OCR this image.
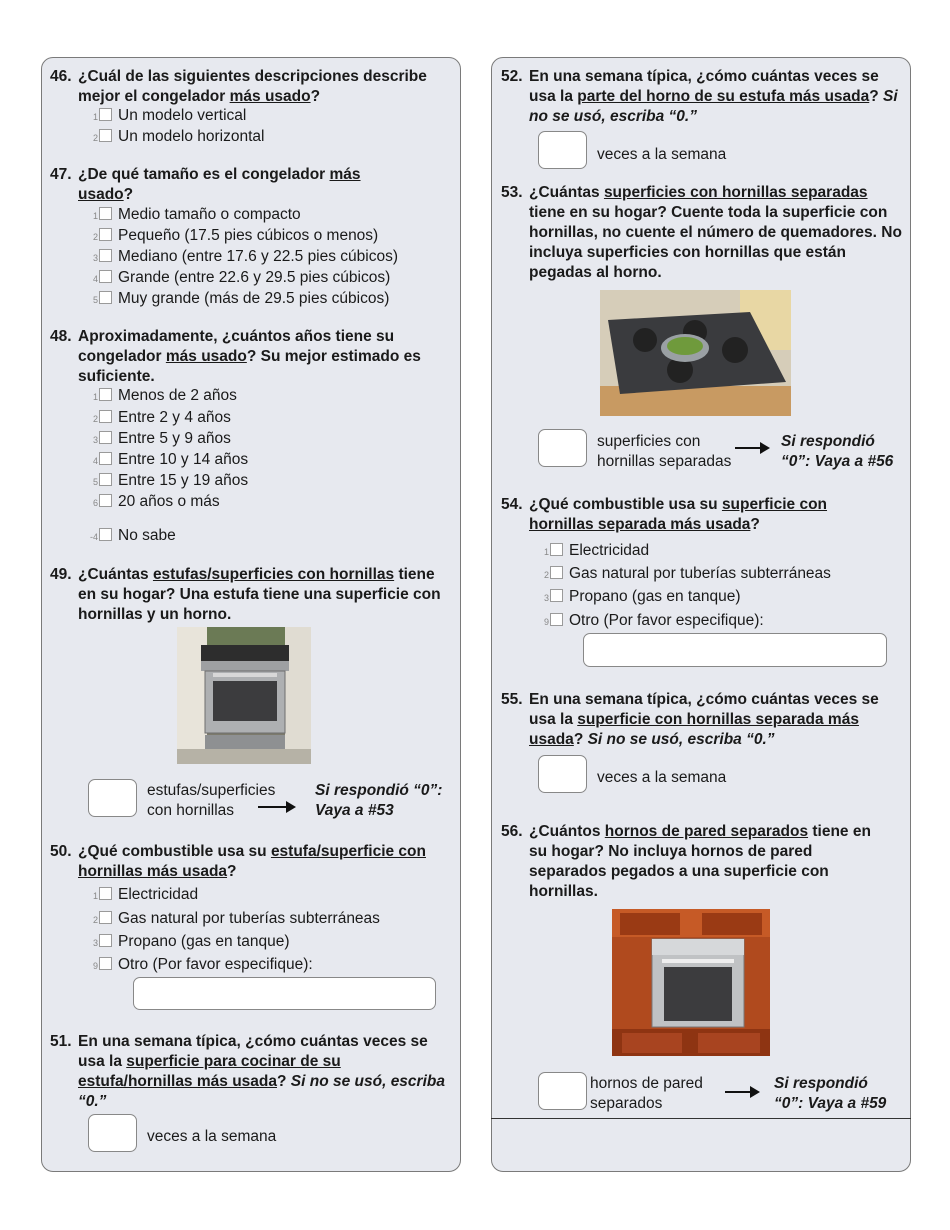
46. ¿Cuál de las siguientes descripciones describe mejor el congelador más usado?
1 Un modelo vertical
2 Un modelo horizontal
47. ¿De qué tamaño es el congelador más usado?
1 Medio tamaño o compacto
2 Pequeño (17.5 pies cúbicos o menos)
3 Mediano (entre 17.6 y 22.5 pies cúbicos)
4 Grande (entre 22.6 y 29.5 pies cúbicos)
5 Muy grande (más de 29.5 pies cúbicos)
48. Aproximadamente, ¿cuántos años tiene su congelador más usado? Su mejor estimado es suficiente.
1 Menos de 2 años
2 Entre 2 y 4 años
3 Entre 5 y 9 años
4 Entre 10 y 14 años
5 Entre 15 y 19 años
6 20 años o más
-4 No sabe
49. ¿Cuántas estufas/superficies con hornillas tiene en su hogar? Una estufa tiene una superficie con hornillas y un horno.
estufas/superficies
con hornillas
Si respondió “0”:
Vaya a #53
50. ¿Qué combustible usa su estufa/superficie con hornillas más usada?
1 Electricidad
2 Gas natural por tuberías subterráneas
3 Propano (gas en tanque)
9 Otro (Por favor especifique):
51. En una semana típica, ¿cómo cuántas veces se usa la superficie para cocinar de su estufa/hornillas más usada? Si no se usó, escriba “0.”
veces a la semana
52. En una semana típica, ¿cómo cuántas veces se usa la parte del horno de su estufa más usada? Si no se usó, escriba “0.”
veces a la semana
53. ¿Cuántas superficies con hornillas separadas tiene en su hogar? Cuente toda la superficie con hornillas, no cuente el número de quemadores. No incluya superficies con hornillas que están pegadas al horno.
superficies con
hornillas separadas
Si respondió
“0”: Vaya a #56
54. ¿Qué combustible usa su superficie con hornillas separada más usada?
1 Electricidad
2 Gas natural por tuberías subterráneas
3 Propano (gas en tanque)
9 Otro (Por favor especifique):
55. En una semana típica, ¿cómo cuántas veces se usa la superficie con hornillas separada más usada? Si no se usó, escriba “0.”
veces a la semana
56. ¿Cuántos hornos de pared separados tiene en su hogar? No incluya hornos de pared separados pegados a una superficie con hornillas.
hornos de pared
separados
Si respondió
“0”: Vaya a #59
